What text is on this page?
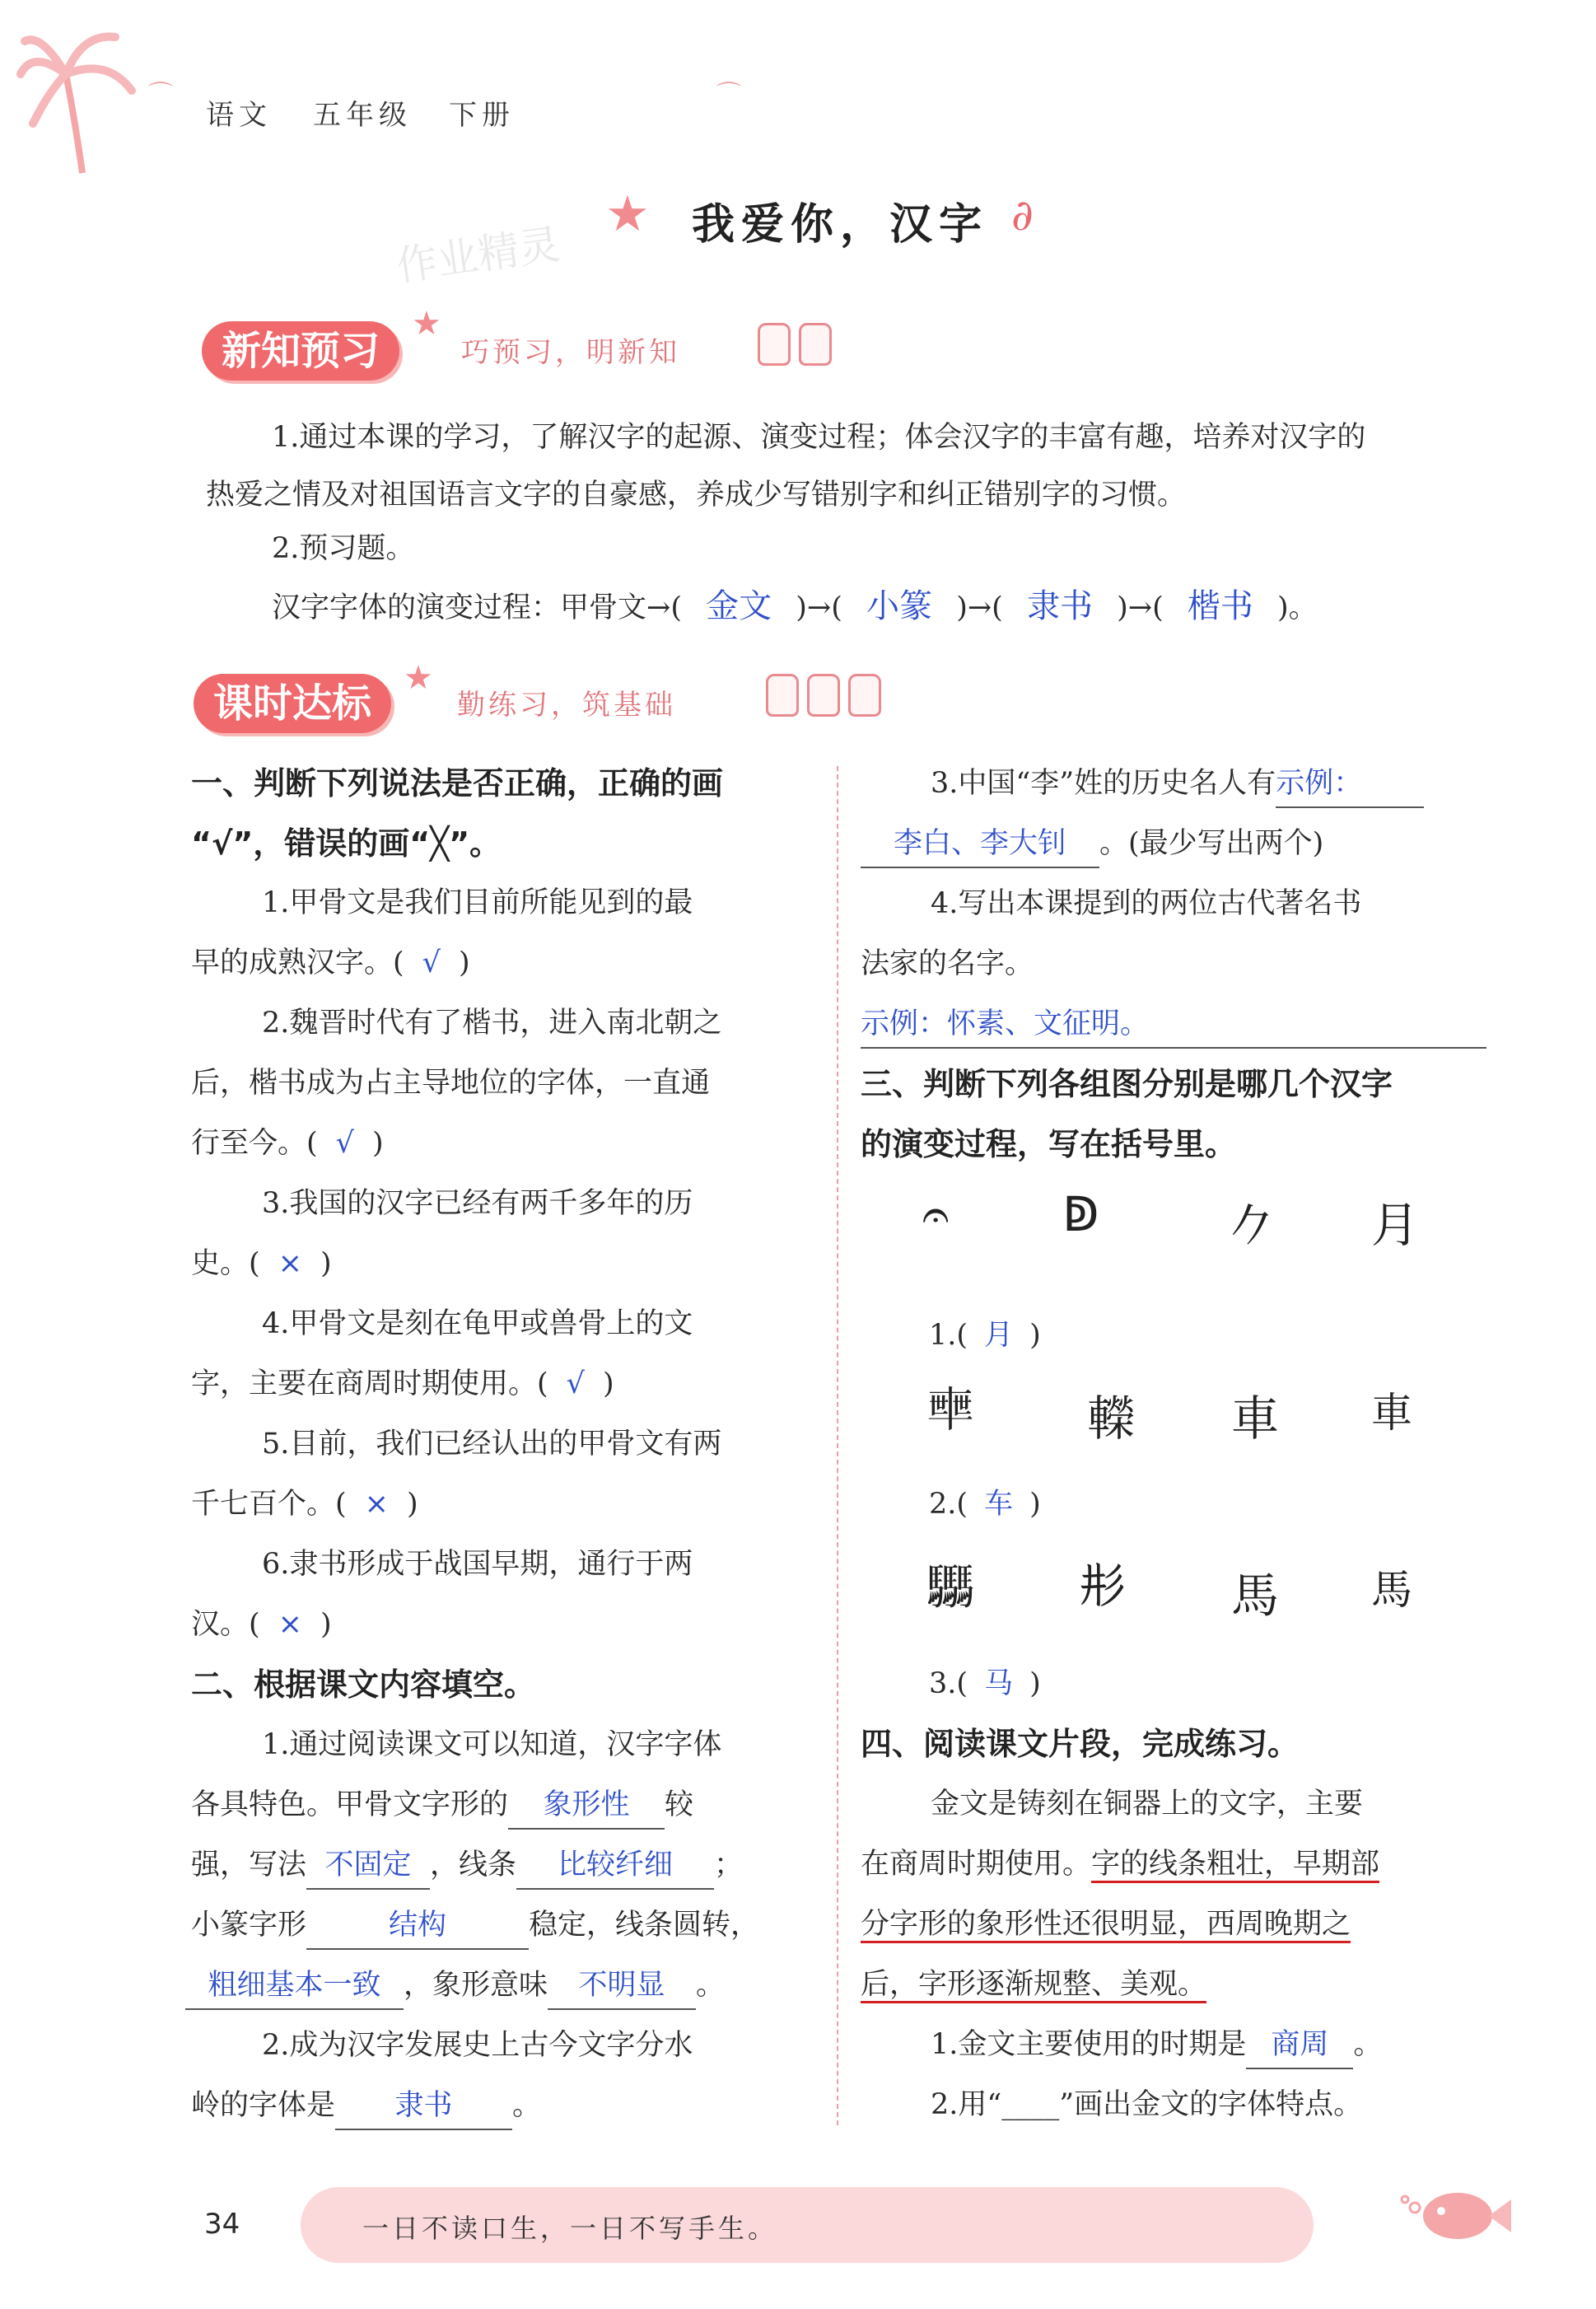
⌒
⌒
语文 五年级 下册
★ 我爱你，汉字 ∂
作业精灵
新知预习
★
巧预习，明新知
1.通过本课的学习，了解汉字的起源、演变过程；体会汉字的丰富有趣，培养对汉字的
热爱之情及对祖国语言文字的自豪感，养成少写错别字和纠正错别字的习惯。
2.预习题。
汉字字体的演变过程：甲骨文→( 金文 )→( 小篆 )→( 隶书 )→( 楷书 )。
课时达标
★
勤练习，筑基础
一、判断下列说法是否正确，正确的画
“√”，错误的画“╳”。
1.甲骨文是我们目前所能见到的最
早的成熟汉字。( √ )
2.魏晋时代有了楷书，进入南北朝之
后，楷书成为占主导地位的字体，一直通
行至今。( √ )
3.我国的汉字已经有两千多年的历
史。( × )
4.甲骨文是刻在龟甲或兽骨上的文
字，主要在商周时期使用。( √ )
5.目前，我们已经认出的甲骨文有两
千七百个。( × )
6.隶书形成于战国早期，通行于两
汉。( × )
二、根据课文内容填空。
1.通过阅读课文可以知道，汉字字体
各具特色。甲骨文字形的 象形性 较
强，写法 不固定 ，线条 比较纤细 ；
小篆字形	结构	稳定，线条圆转，
粗细基本一致 ，象形意味 不明显 。
2.成为汉字发展史上古今文字分水
岭的字体是 隶书 。
3.中国“李”姓的历史名人有示例：
李白、李大钊 。(最少写出两个)
4.写出本课提到的两位古代著名书
法家的名字。
示例：怀素、文征明。
三、判断下列各组图分别是哪几个汉字
的演变过程，写在括号里。
𝄐 ↁ	𠂊 月
1.( 月 )
𠦴 𨏍 車 車
2.( 车 )
𩧢 𢒈 馬 馬
3.( 马 )
四、阅读课文片段，完成练习。
金文是铸刻在铜器上的文字，主要
在商周时期使用。字的线条粗壮，早期部
分字形的象形性还很明显，西周晚期之
后，字形逐渐规整、美观。
1.金文主要使用的时期是 商周 。
2.用“____”画出金文的字体特点。
34	一日不读口生，一日不写手生。
